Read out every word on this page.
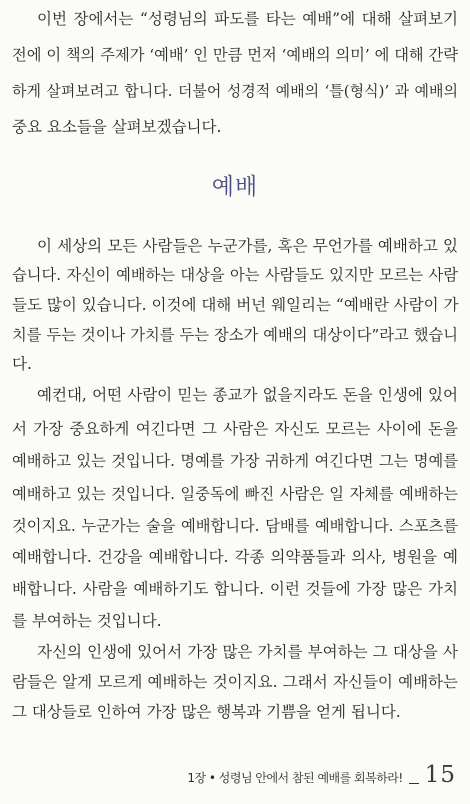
이번 장에서는 “성령님의 파도를 타는 예배”에 대해 살펴보기
전에 이 책의 주제가 ‘예배’ 인 만큼 먼저 ‘예배의 의미’ 에 대해 간략
하게 살펴보려고 합니다. 더불어 성경적 예배의 ‘틀(형식)’ 과 예배의
중요 요소들을 살펴보겠습니다.
예배
이 세상의 모든 사람들은 누군가를, 혹은 무언가를 예배하고 있
습니다. 자신이 예배하는 대상을 아는 사람들도 있지만 모르는 사람
들도 많이 있습니다. 이것에 대해 버넌 웨일리는 “예배란 사람이 가
치를 두는 것이나 가치를 두는 장소가 예배의 대상이다”라고 했습니
다.
예컨대, 어떤 사람이 믿는 종교가 없을지라도 돈을 인생에 있어
서 가장 중요하게 여긴다면 그 사람은 자신도 모르는 사이에 돈을
예배하고 있는 것입니다. 명예를 가장 귀하게 여긴다면 그는 명예를
예배하고 있는 것입니다. 일중독에 빠진 사람은 일 자체를 예배하는
것이지요. 누군가는 술을 예배합니다. 담배를 예배합니다. 스포츠를
예배합니다. 건강을 예배합니다. 각종 의약품들과 의사, 병원을 예
배합니다. 사람을 예배하기도 합니다. 이런 것들에 가장 많은 가치
를 부여하는 것입니다.
자신의 인생에 있어서 가장 많은 가치를 부여하는 그 대상을 사
람들은 알게 모르게 예배하는 것이지요. 그래서 자신들이 예배하는
그 대상들로 인하여 가장 많은 행복과 기쁨을 얻게 됩니다.
1장 • 성령님 안에서 참된 예배를 회복하라! 15
